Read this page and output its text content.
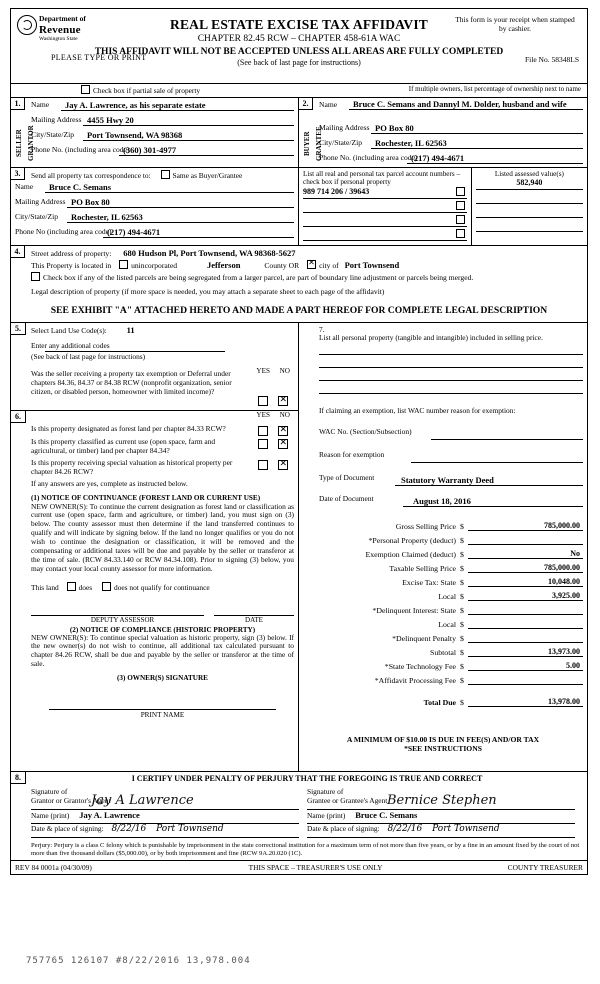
Department of
Revenue
Washington State
PLEASE TYPE OR PRINT
REAL ESTATE EXCISE TAX AFFIDAVIT
CHAPTER 82.45 RCW – CHAPTER 458-61A WAC
THIS AFFIDAVIT WILL NOT BE ACCEPTED UNLESS ALL AREAS ARE FULLY COMPLETED
(See back of last page for instructions)
This form is your receipt when stamped by cashier.
File No. 58348LS
Check box if partial sale of property	If multiple owners, list percentage of ownership next to name
1.
SELLER GRANTOR
Name	Jay A. Lawrence, as his separate estate
Mailing Address 4455 Hwy 20
City/State/Zip	Port Townsend, WA 98368
Phone No. (including area code)
(360) 301-4977
2.
BUYER GRANTEE
Name	Bruce C. Semans and Dannyl M. Dolder, husband and wife
Mailing Address PO Box 80
City/State/Zip	Rochester, IL 62563
Phone No. (including area code)
(217) 494-4671
3.	Send all property tax correspondence to:	Same as Buyer/Grantee
Name	Bruce C. Semans
Mailing Address PO Box 80
City/State/Zip	Rochester, IL 62563
Phone No (including area code)
(217) 494-4671
List all real and personal tax parcel account numbers – check box if personal property
989 714 206 / 39643
Listed assessed value(s)
582,940
4.	Street address of property: 680 Hudson Pl, Port Townsend, WA 98368-5627
This Property is located in	unincorporated	Jefferson	County OR ✕	city of Port Townsend
Check box if any of the listed parcels are being segregated from a larger parcel, are part of boundary line adjustment or parcels being merged.
Legal description of property (if more space is needed, you may attach a separate sheet to each page of the affidavit)
SEE EXHIBIT "A" ATTACHED HERETO AND MADE A PART HEREOF FOR COMPLETE LEGAL DESCRIPTION
5.	Select Land Use Code(s): 11
Enter any additional codes
(See back of last page for instructions)
NO
YES
Was the seller receiving a property tax exemption or Deferral under chapters 84.36, 84.37 or 84.38 RCW (nonprofit organization, senior citizen, or disabled person, homeowner with limited income)?
✕
6.	NO
YES
Is this property designated as forest land per chapter 84.33 RCW?
✕
Is this property classified as current use (open space, farm and agricultural, or timber) land per chapter 84.34?
✕
Is this property receiving special valuation as historical property per chapter 84.26 RCW?
✕
If any answers are yes, complete as instructed below.
(1) NOTICE OF CONTINUANCE (FOREST LAND OR CURRENT USE)
NEW OWNER(S): To continue the current designation as forest land or classification as current use (open space, farm and agriculture, or timber) land, you must sign on (3) below. The county assessor must then determine if the land transferred continues to qualify and will indicate by signing below. If the land no longer qualifies or you do not wish to continue the designation or classification, it will be removed and the compensating or additional taxes will be due and payable by the seller or transferor at the time of sale. (RCW 84.33.140 or RCW 84.34.108). Prior to signing (3) below, you may contact your local county assessor for more information.
This land	does	does not qualify for continuance
DEPUTY ASSESSOR	DATE
(2) NOTICE OF COMPLIANCE (HISTORIC PROPERTY)
NEW OWNER(S): To continue special valuation as historic property, sign (3) below. If the new owner(s) do not wish to continue, all additional tax calculated pursuant to chapter 84.26 RCW, shall be due and payable by the seller or transferor at the time of sale.
(3) OWNER(S) SIGNATURE
PRINT NAME
7.
List all personal property (tangible and intangible) included in selling price.
If claiming an exemption, list WAC number reason for exemption:
WAC No. (Section/Subsection)

Reason for exemption

Type of Document	Statutory Warranty Deed
Date of Document	August 18, 2016
Gross Selling Price $	785,000.00
*Personal Property (deduct) $
Exemption Claimed (deduct) $	No
Taxable Selling Price $	785,000.00
Excise Tax: State $	10,048.00
Local $	3,925.00
*Delinquent Interest: State $
Local $
*Delinquent Penalty $
Subtotal $	13,973.00
*State Technology Fee $	5.00
*Affidavit Processing Fee $
Total Due $	13,978.00
A MINIMUM OF $10.00 IS DUE IN FEE(S) AND/OR TAX
*SEE INSTRUCTIONS
8.	I CERTIFY UNDER PENALTY OF PERJURY THAT THE FOREGOING IS TRUE AND CORRECT
Signature of
Grantor or Grantor's Agent
Jay A Lawrence
Name (print) Jay A. Lawrence
Date & place of signing: 8/22/16 Port Townsend
Signature of
Grantee or Grantee's Agent Bernice Stephen
Name (print) Bruce C. Semans
Date & place of signing: 8/22/16 Port Townsend
Perjury: Perjury is a class C felony which is punishable by imprisonment in the state correctional institution for a maximum term of not more than five years, or by a fine in an amount fixed by the court of not more than five thousand dollars ($5,000.00), or by both imprisonment and fine (RCW 9A.20.020 (1C).
REV 84 0001a (04/30/09)	THIS SPACE – TREASURER'S USE ONLY	COUNTY TREASURER
757765 126107 #8/22/2016 13,978.004
